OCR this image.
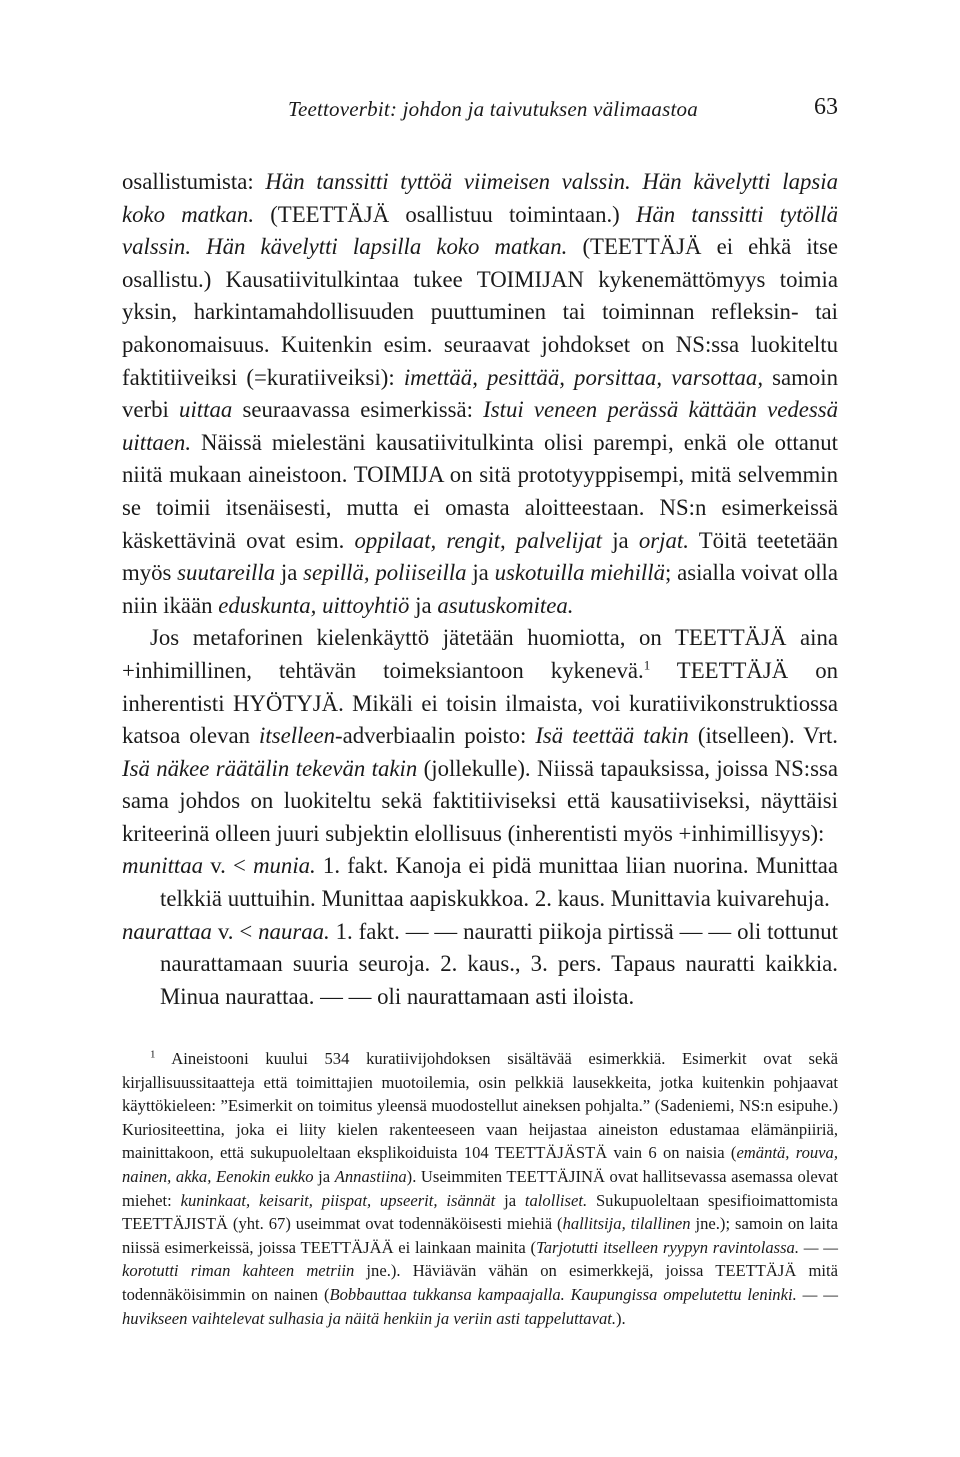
Teettoverbit: johdon ja taivutuksen välimaastoa	63

osallistumista: Hän tanssitti tyttöä viimeisen valssin. Hän kävelytti lapsia koko matkan. (TEETTÄJÄ osallistuu toimintaan.) Hän tanssitti tytöllä valssin. Hän kävelytti lapsilla koko matkan. (TEETTÄJÄ ei ehkä itse osallistu.) Kausatiivitulkintaa tukee TOIMIJAN kykenemättömyys toimia yksin, harkintamahdollisuuden puuttuminen tai toiminnan refleksin- tai pakonomaisuus. Kuitenkin esim. seuraavat johdokset on NS:ssa luokiteltu faktitiiveiksi (=kuratiiveiksi): imettää, pesittää, porsittaa, varsottaa, samoin verbi uittaa seuraavassa esimerkissä: Istui veneen perässä kättään vedessä uittaen. Näissä mielestäni kausatiivitulkinta olisi parempi, enkä ole ottanut niitä mukaan aineistoon. TOIMIJA on sitä prototyyppisempi, mitä selvemmin se toimii itsenäisesti, mutta ei omasta aloitteestaan. NS:n esimerkeissä käskettävinä ovat esim. oppilaat, rengit, palvelijat ja orjat. Töitä teetetään myös suutareilla ja sepillä, poliiseilla ja uskotuilla miehillä; asialla voivat olla niin ikään eduskunta, uittoyhtiö ja asutuskomitea.

Jos metaforinen kielenkäyttö jätetään huomiotta, on TEETTÄJÄ aina +inhimillinen, tehtävän toimeksiantoon kykenevä.$^1$ TEETTÄJÄ on inherentisti HYÖTYJÄ. Mikäli ei toisin ilmaista, voi kuratiivikonstruktiossa katsoa olevan itselleen-adverbiaalin poisto: Isä teettää takin (itselleen). Vrt. Isä näkee räätälin tekevän takin (jollekulle). Niissä tapauksissa, joissa NS:ssa sama johdos on luokiteltu sekä faktitiiviseksi että kausatiiviseksi, näyttäisi kriteerinä olleen juuri subjektin elollisuus (inherentisti myös +inhimillisyys):

munittaa v. < munia. 1. fakt. Kanoja ei pidä munittaa liian nuorina. Munittaa telkkiä uuttuihin. Munittaa aapiskukkoa. 2. kaus. Munittavia kuivarehuja.

naurattaa v. < nauraa. 1. fakt. — — nauratti piikoja pirtissä — — oli tottunut naurattamaan suuria seuroja. 2. kaus., 3. pers. Tapaus nauratti kaikkia. Minua naurattaa. — — oli naurattamaan asti iloista.

$^1$ Aineistooni kuului 534 kuratiivijohdoksen sisältävää esimerkkiä. Esimerkit ovat sekä kirjallisuussitaatteja että toimittajien muotoilemia, osin pelkkiä lausekkeita, jotka kuitenkin pohjaavat käyttökieleen: ”Esimerkit on toimitus yleensä muodostellut aineksen pohjalta.” (Sadeniemi, NS:n esipuhe.) Kuriositeettina, joka ei liity kielen rakenteeseen vaan heijastaa aineiston edustamaa elämänpiiriä, mainittakoon, että sukupuoleltaan eksplikoiduista 104 TEETTÄJÄSTÄ vain 6 on naisia (emäntä, rouva, nainen, akka, Eenokin eukko ja Annastiina). Useimmiten TEETTÄJINÄ ovat hallitsevassa asemassa olevat miehet: kuninkaat, keisarit, piispat, upseerit, isännät ja talolliset. Sukupuoleltaan spesifioimattomista TEETTÄJISTÄ (yht. 67) useimmat ovat todennäköisesti miehiä (hallitsija, tilallinen jne.); samoin on laita niissä esimerkeissä, joissa TEETTÄJÄÄ ei lainkaan mainita (Tarjotutti itselleen ryypyn ravintolassa. — — korotutti riman kahteen metriin jne.). Häviävän vähän on esimerkkejä, joissa TEETTÄJÄ mitä todennäköisimmin on nainen (Bobbauttaa tukkansa kampaajalla. Kaupungissa ompelutettu leninki. — — huvikseen vaihtelevat sulhasia ja näitä henkiin ja veriin asti tappeluttavat.).
